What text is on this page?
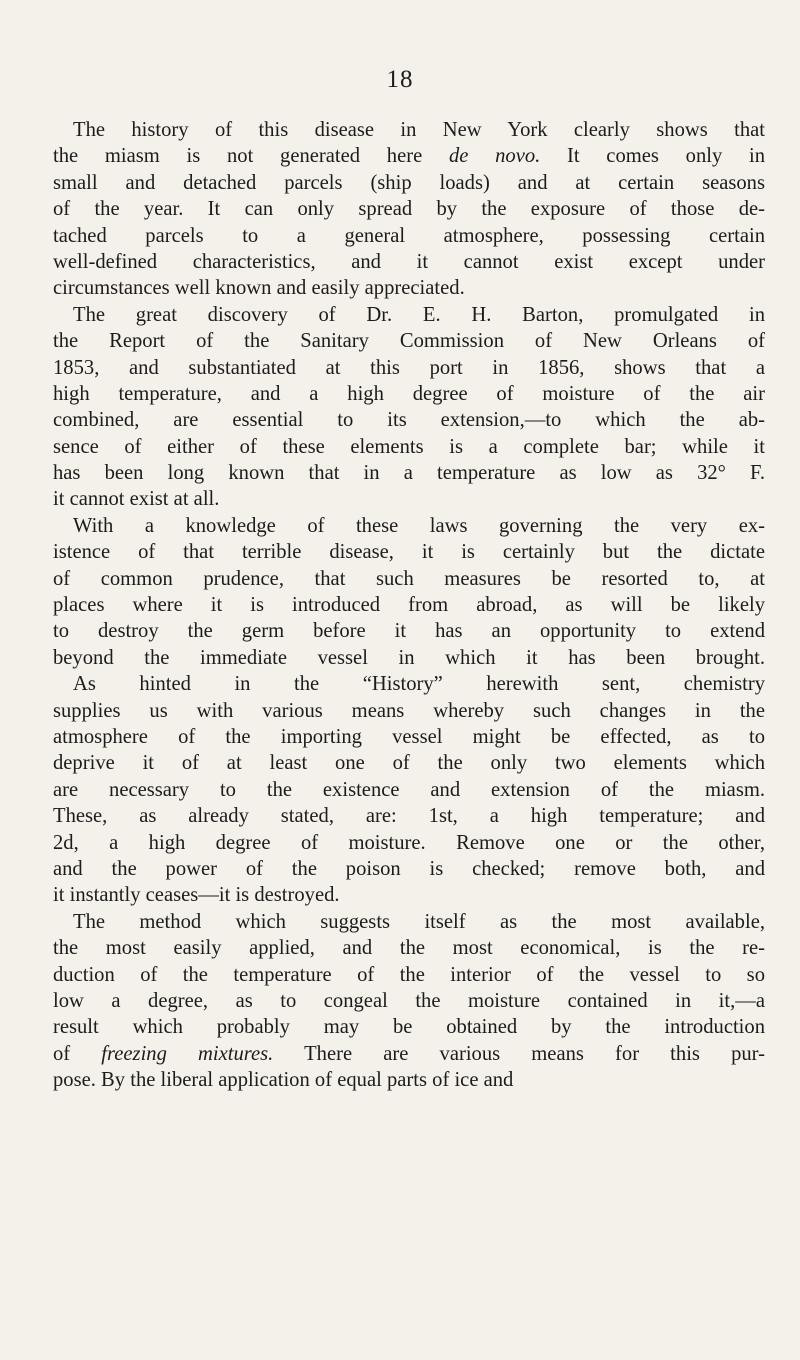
18
The history of this disease in New York clearly shows that
the miasm is not generated here de novo. It comes only in
small and detached parcels (ship loads) and at certain seasons
of the year. It can only spread by the exposure of those de-
tached parcels to a general atmosphere, possessing certain
well-defined characteristics, and it cannot exist except under
circumstances well known and easily appreciated.
The great discovery of Dr. E. H. Barton, promulgated in
the Report of the Sanitary Commission of New Orleans of
1853, and substantiated at this port in 1856, shows that a
high temperature, and a high degree of moisture of the air
combined, are essential to its extension,—to which the ab-
sence of either of these elements is a complete bar; while it
has been long known that in a temperature as low as 32° F.
it cannot exist at all.
With a knowledge of these laws governing the very ex-
istence of that terrible disease, it is certainly but the dictate
of common prudence, that such measures be resorted to, at
places where it is introduced from abroad, as will be likely
to destroy the germ before it has an opportunity to extend
beyond the immediate vessel in which it has been brought.
As hinted in the “History” herewith sent, chemistry
supplies us with various means whereby such changes in the
atmosphere of the importing vessel might be effected, as to
deprive it of at least one of the only two elements which
are necessary to the existence and extension of the miasm.
These, as already stated, are: 1st, a high temperature; and
2d, a high degree of moisture. Remove one or the other,
and the power of the poison is checked; remove both, and
it instantly ceases—it is destroyed.
The method which suggests itself as the most available,
the most easily applied, and the most economical, is the re-
duction of the temperature of the interior of the vessel to so
low a degree, as to congeal the moisture contained in it,—a
result which probably may be obtained by the introduction
of freezing mixtures. There are various means for this pur-
pose. By the liberal application of equal parts of ice and
